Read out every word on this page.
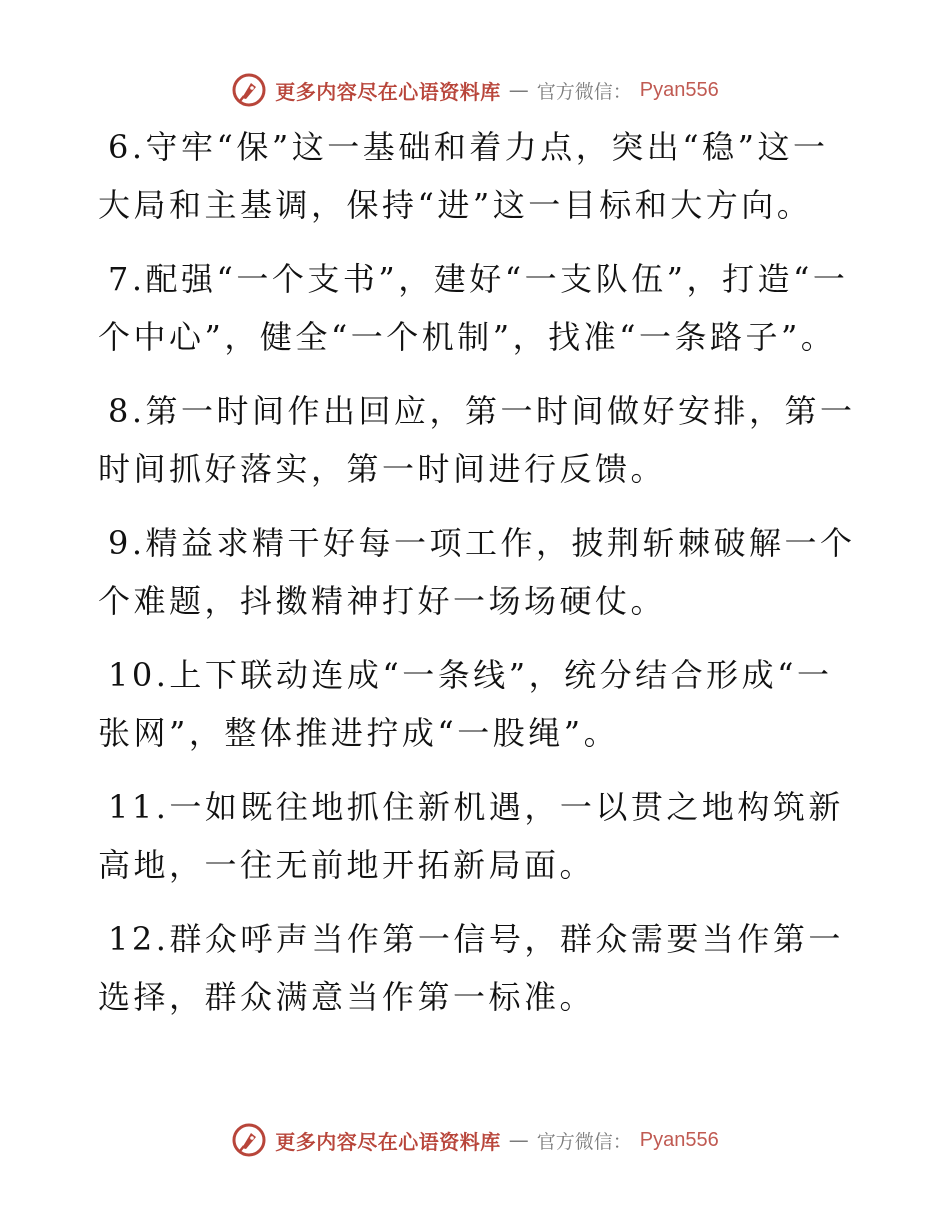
更多内容尽在心语资料库 — 官方微信： Pyan556

6.守牢“保”这一基础和着力点，突出“稳”这一大局和主基调，保持“进”这一目标和大方向。

7.配强“一个支书”，建好“一支队伍”，打造“一个中心”，健全“一个机制”，找准“一条路子”。

8.第一时间作出回应，第一时间做好安排，第一时间抓好落实，第一时间进行反馈。

9.精益求精干好每一项工作，披荆斩棘破解一个个难题，抖擞精神打好一场场硬仗。

10.上下联动连成“一条线”，统分结合形成“一张网”，整体推进拧成“一股绳”。

11.一如既往地抓住新机遇，一以贯之地构筑新高地，一往无前地开拓新局面。

12.群众呼声当作第一信号，群众需要当作第一选择，群众满意当作第一标准。

更多内容尽在心语资料库 — 官方微信： Pyan556
